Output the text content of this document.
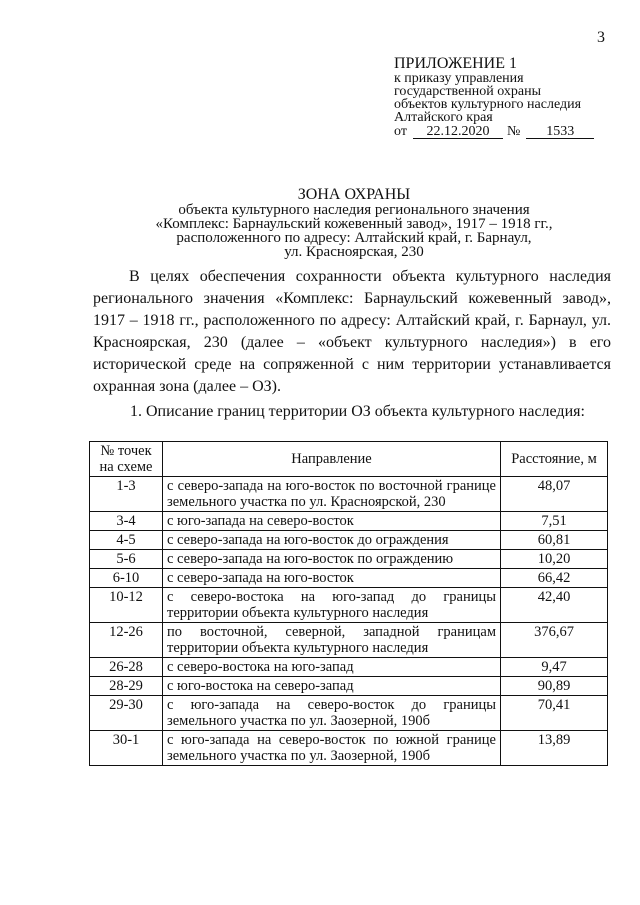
3
ПРИЛОЖЕНИЕ 1
к приказу управления
государственной охраны
объектов культурного наследия
Алтайского края
от 22.12.2020 № 1533
ЗОНА ОХРАНЫ
объекта культурного наследия регионального значения
«Комплекс: Барнаульский кожевенный завод», 1917 – 1918 гг.,
расположенного по адресу: Алтайский край, г. Барнаул,
ул. Красноярская, 230

В целях обеспечения сохранности объекта культурного наследия регионального значения «Комплекс: Барнаульский кожевенный завод», 1917 – 1918 гг., расположенного по адресу: Алтайский край, г. Барнаул, ул. Красноярская, 230 (далее – «объект культурного наследия») в его исторической среде на сопряженной с ним территории устанавливается охранная зона (далее – ОЗ).

1. Описание границ территории ОЗ объекта культурного наследия:
№ точек на схеме	Направление	Расстояние, м
1-3	с северо-запада на юго-восток по восточной границе земельного участка по ул. Красноярской, 230	48,07
3-4	с юго-запада на северо-восток	7,51
4-5	с северо-запада на юго-восток до ограждения	60,81
5-6	с северо-запада на юго-восток по ограждению	10,20
6-10	с северо-запада на юго-восток	66,42
10-12	с северо-востока на юго-запад до границы территории объекта культурного наследия	42,40
12-26	по восточной, северной, западной границам территории объекта культурного наследия	376,67
26-28	с северо-востока на юго-запад	9,47
28-29	с юго-востока на северо-запад	90,89
29-30	с юго-запада на северо-восток до границы земельного участка по ул. Заозерной, 190б	70,41
30-1	с юго-запада на северо-восток по южной границе земельного участка по ул. Заозерной, 190б	13,89
